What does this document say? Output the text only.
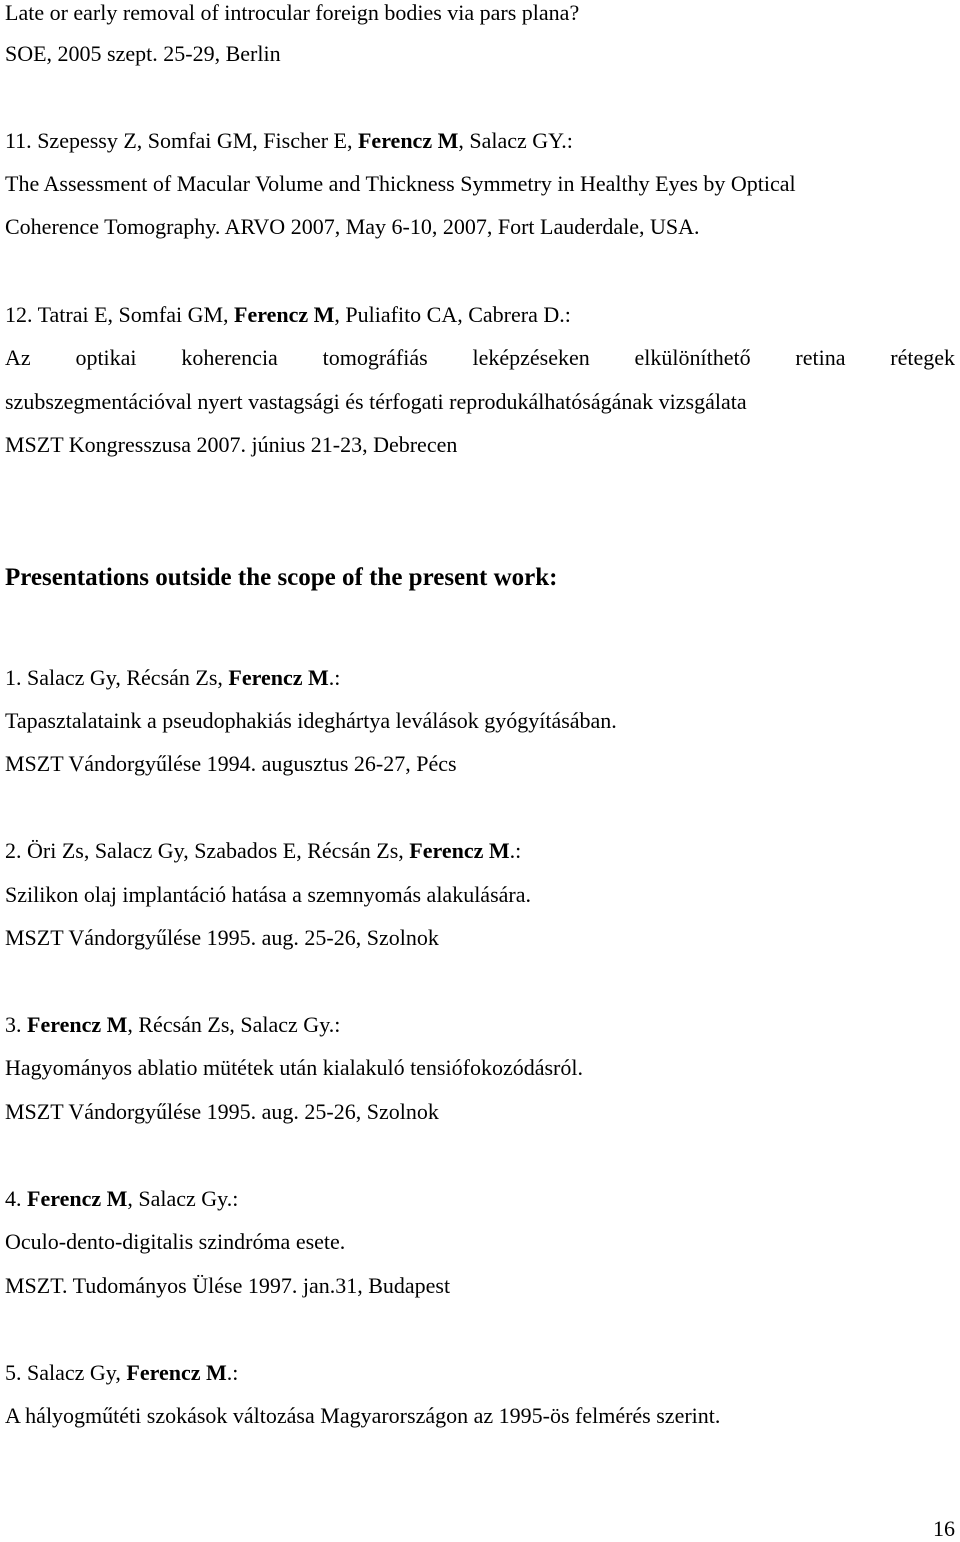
Late or early removal of introcular foreign bodies via pars plana?
SOE, 2005 szept. 25-29, Berlin
11. Szepessy Z, Somfai GM, Fischer E, Ferencz M, Salacz GY.:
The Assessment of Macular Volume and Thickness Symmetry in Healthy Eyes by Optical
Coherence Tomography. ARVO 2007, May 6-10, 2007, Fort Lauderdale, USA.
12. Tatrai E, Somfai GM, Ferencz M, Puliafito CA, Cabrera D.:
Az optikai koherencia tomográfiás leképzéseken elkülöníthető retina rétegek
szubszegmentációval nyert vastagsági és térfogati reprodukálhatóságának vizsgálata
MSZT Kongresszusa 2007. június 21-23, Debrecen
Presentations outside the scope of the present work:
1. Salacz Gy, Récsán Zs, Ferencz M.:
Tapasztalataink a pseudophakiás ideghártya leválások gyógyításában.
MSZT Vándorgyűlése 1994. augusztus 26-27, Pécs
2. Öri Zs, Salacz Gy, Szabados E, Récsán Zs, Ferencz M.:
Szilikon olaj implantáció hatása a szemnyomás alakulására.
MSZT Vándorgyűlése 1995. aug. 25-26, Szolnok
3. Ferencz M, Récsán Zs, Salacz Gy.:
Hagyományos ablatio mütétek után kialakuló tensiófokozódásról.
MSZT Vándorgyűlése 1995. aug. 25-26, Szolnok
4. Ferencz M, Salacz Gy.:
Oculo-dento-digitalis szindróma esete.
MSZT. Tudományos Ülése 1997. jan.31, Budapest
5. Salacz Gy, Ferencz M.:
A hályogműtéti szokások változása Magyarországon az 1995-ös felmérés szerint.
16
